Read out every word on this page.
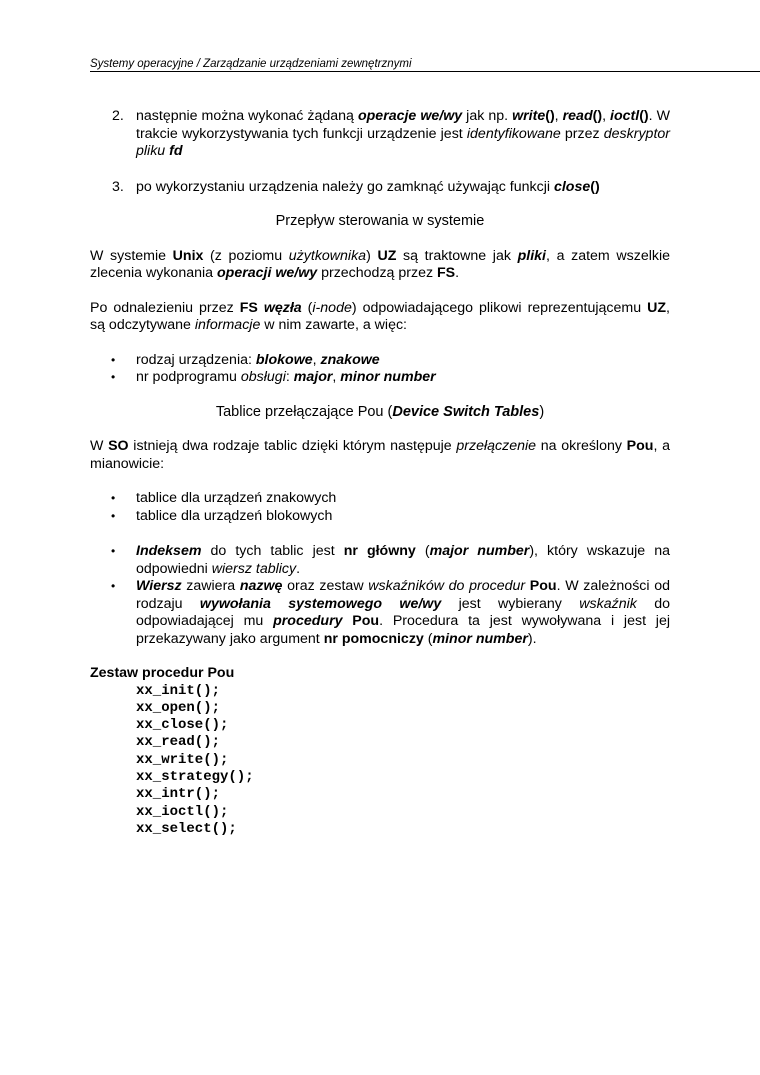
Systemy operacyjne / Zarządzanie urządzeniami zewnętrznymi
2. następnie można wykonać żądaną operacje we/wy jak np. write(), read(), ioctl(). W trakcie wykorzystywania tych funkcji urządzenie jest identyfikowane przez deskryptor pliku fd
3. po wykorzystaniu urządzenia należy go zamknąć używając funkcji close()

Przepływ sterowania w systemie

W systemie Unix (z poziomu użytkownika) UZ są traktowne jak pliki, a zatem wszelkie zlecenia wykonania operacji we/wy przechodzą przez FS.

Po odnalezieniu przez FS węzła (i-node) odpowiadającego plikowi reprezentującemu UZ, są odczytywane informacje w nim zawarte, a więc:

• rodzaj urządzenia: blokowe, znakowe
• nr podprogramu obsługi: major, minor number

Tablice przełączające Pou (Device Switch Tables)

W SO istnieją dwa rodzaje tablic dzięki którym następuje przełączenie na określony Pou, a mianowicie:

• tablice dla urządzeń znakowych
• tablice dla urządzeń blokowych
• Indeksem do tych tablic jest nr główny (major number), który wskazuje na odpowiedni wiersz tablicy.
• Wiersz zawiera nazwę oraz zestaw wskaźników do procedur Pou. W zależności od rodzaju wywołania systemowego we/wy jest wybierany wskaźnik do odpowiadającej mu procedury Pou. Procedura ta jest wywoływana i jest jej przekazywany jako argument nr pomocniczy (minor number).

Zestaw procedur Pou

xx_init();
xx_open();
xx_close();
xx_read();
xx_write();
xx_strategy();
xx_intr();
xx_ioctl();
xx_select();
